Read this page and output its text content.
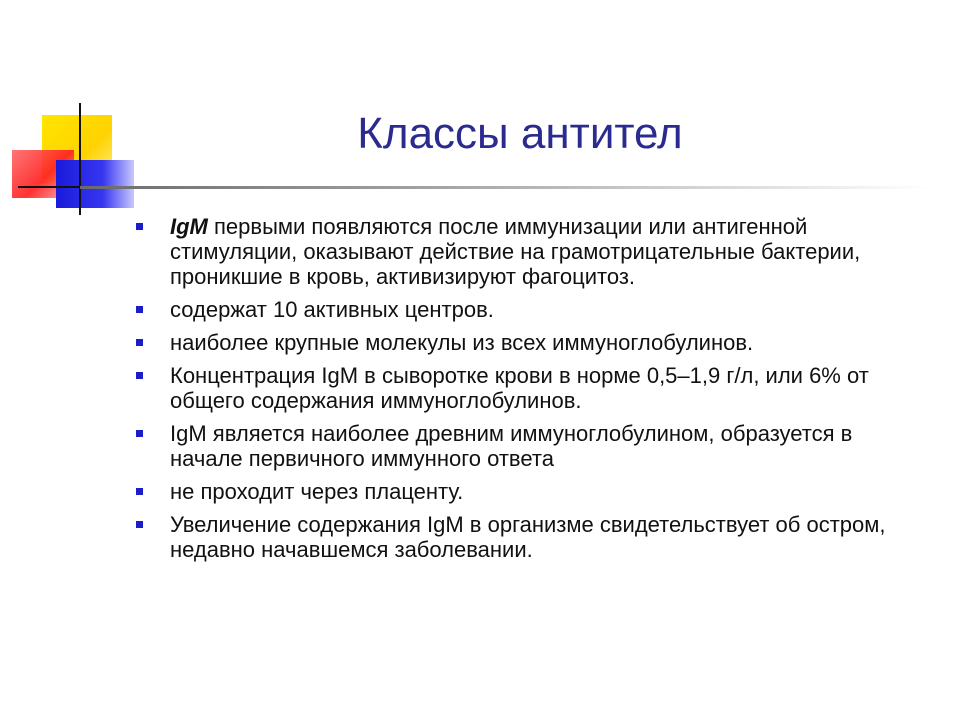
Классы антител
IgM первыми появляются после иммунизации или антигенной стимуляции, оказывают действие на грамотрицательные бактерии, проникшие в кровь, активизируют фагоцитоз.
содержат 10 активных центров.
наиболее крупные молекулы из всех иммуноглобулинов.
Концентрация IgM в сыворотке крови в норме 0,5–1,9 г/л, или 6% от общего содержания иммуноглобулинов.
IgM является наиболее древним иммуноглобулином, образуется в начале первичного иммунного ответа
не проходит через плаценту.
Увеличение содержания IgM в организме свидетельствует об остром, недавно начавшемся заболевании.
